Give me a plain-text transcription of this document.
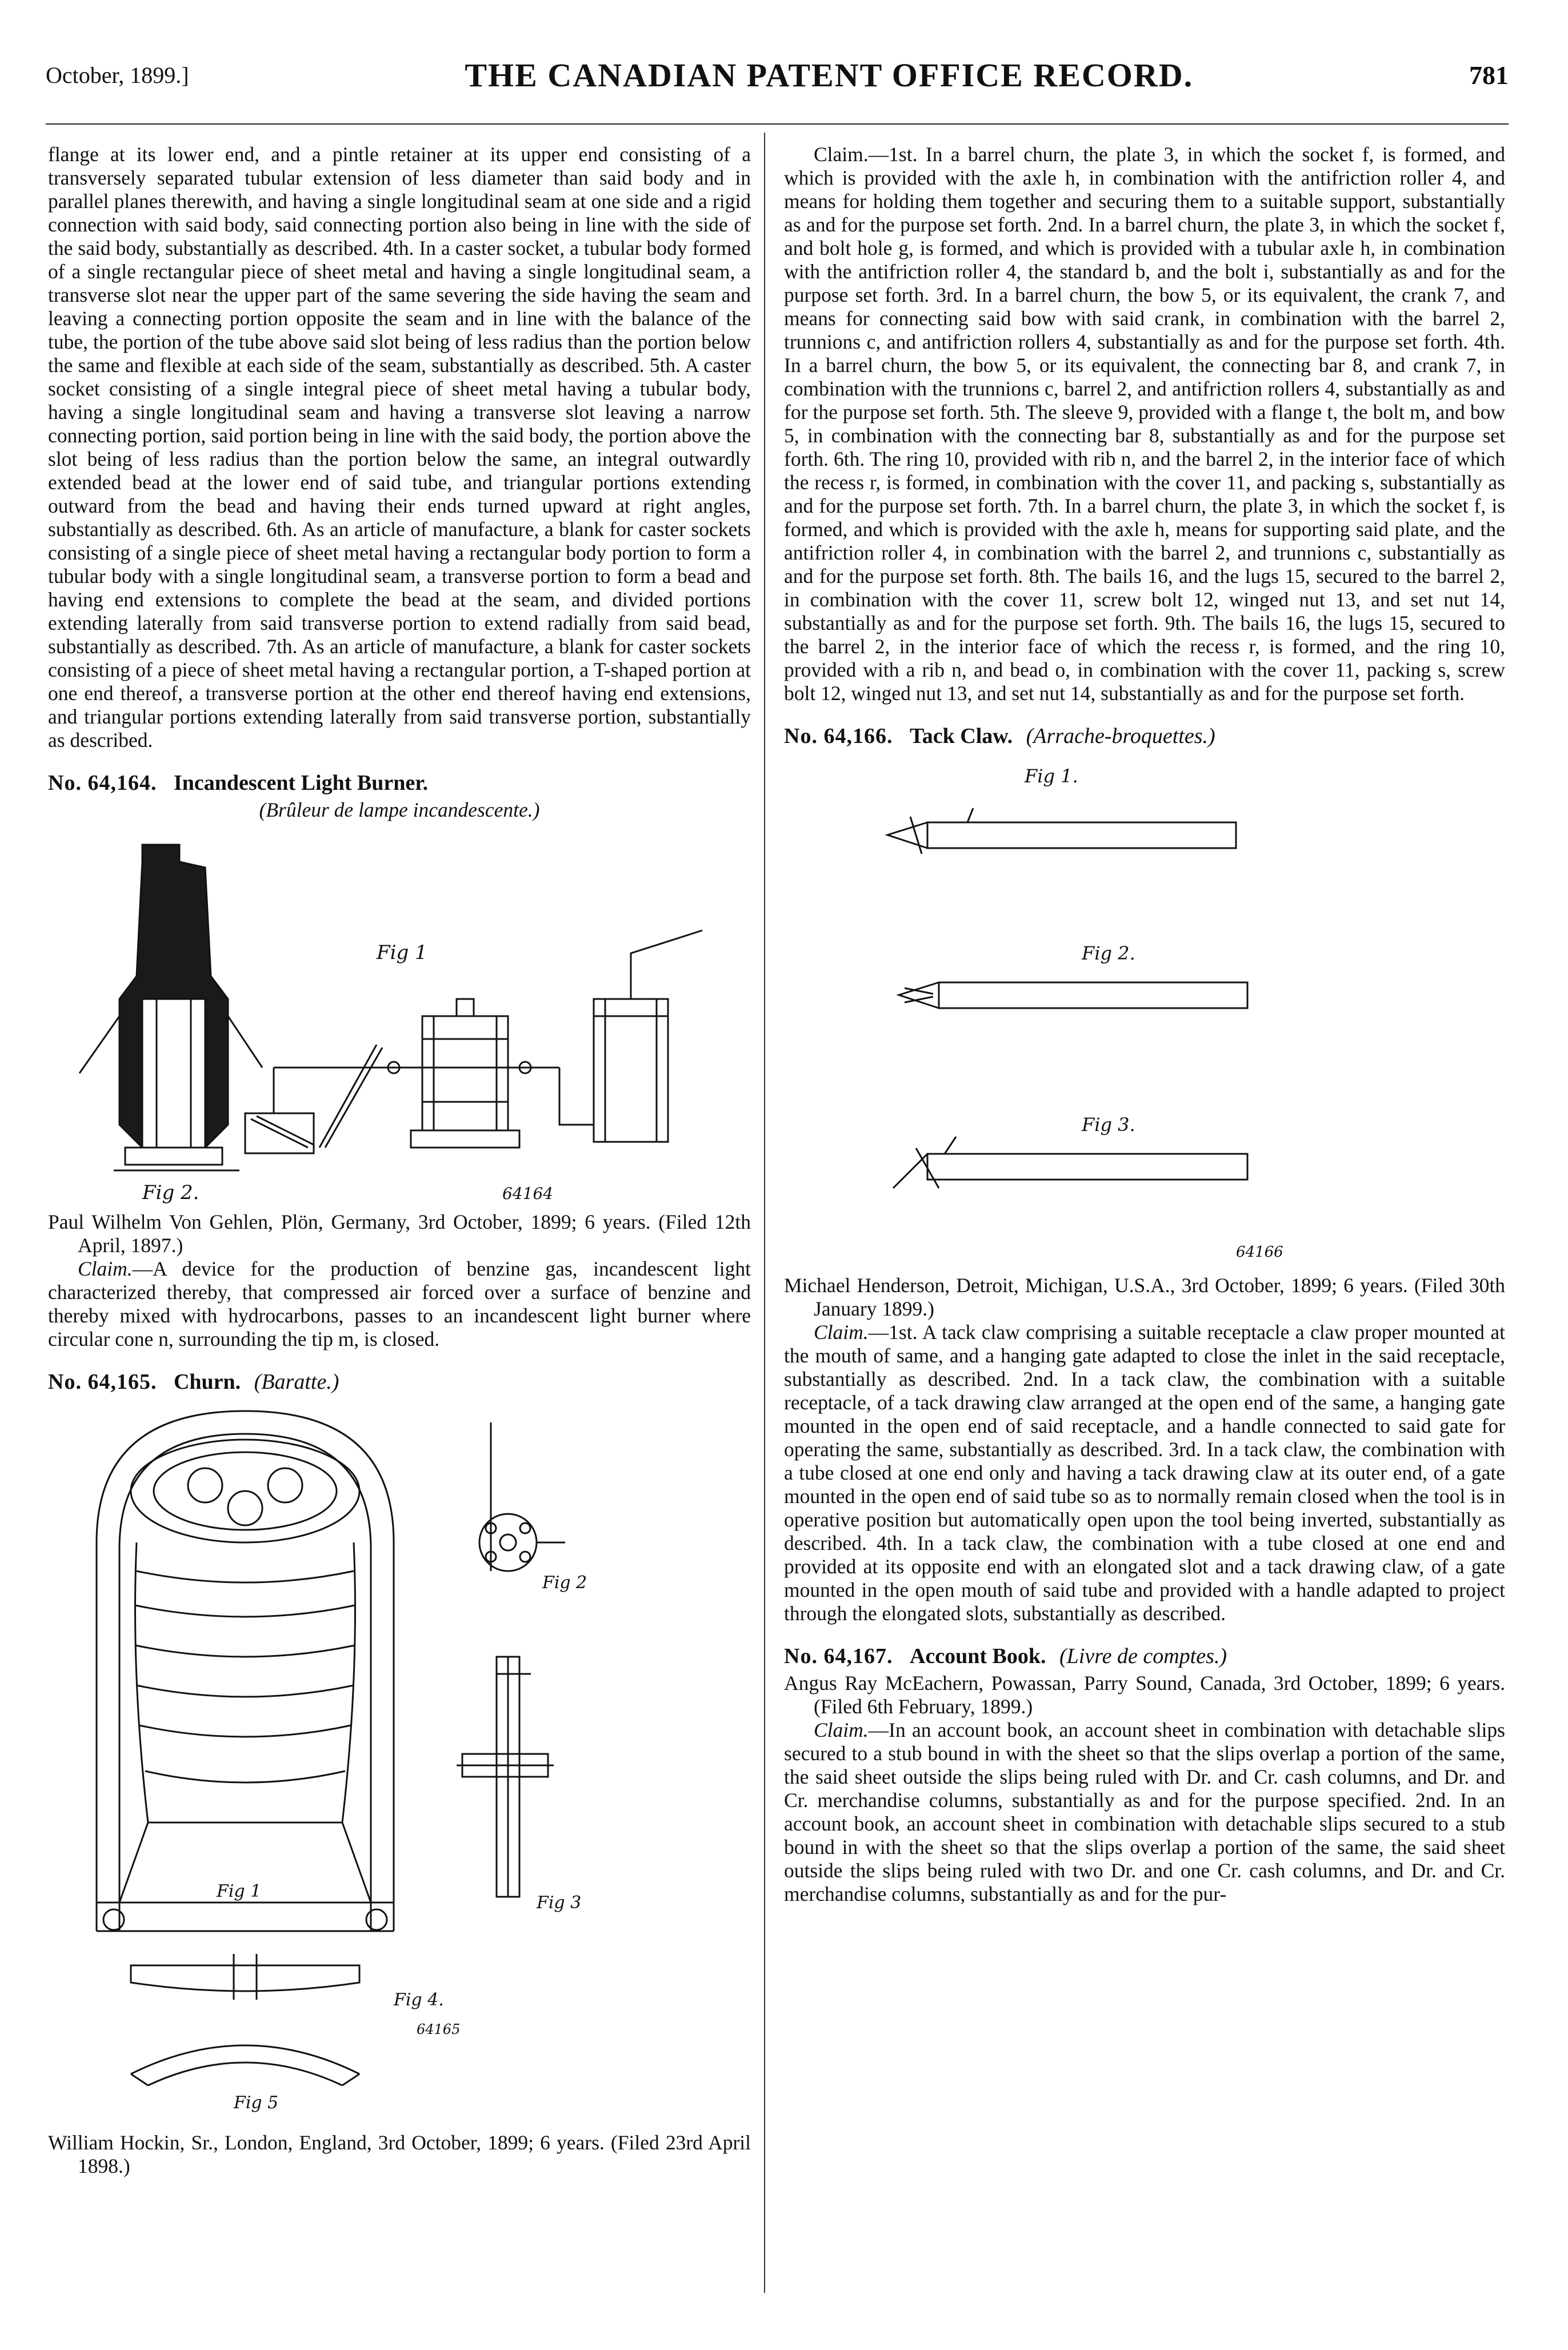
October, 1899.]	THE CANADIAN PATENT OFFICE RECORD.	781

flange at its lower end, and a pintle retainer at its upper end consisting of a transversely separated tubular extension of less diameter than said body and in parallel planes therewith, and having a single longitudinal seam at one side and a rigid connection with said body, said connecting portion also being in line with the side of the said body, substantially as described. 4th. In a caster socket, a tubular body formed of a single rectangular piece of sheet metal and having a single longitudinal seam, a transverse slot near the upper part of the same severing the side having the seam and leaving a connecting portion opposite the seam and in line with the balance of the tube, the portion of the tube above said slot being of less radius than the portion below the same and flexible at each side of the seam, substantially as described. 5th. A caster socket consisting of a single integral piece of sheet metal having a tubular body, having a single longitudinal seam and having a transverse slot leaving a narrow connecting portion, said portion being in line with the said body, the portion above the slot being of less radius than the portion below the same, an integral outwardly extended bead at the lower end of said tube, and triangular portions extending outward from the bead and having their ends turned upward at right angles, substantially as described. 6th. As an article of manufacture, a blank for caster sockets consisting of a single piece of sheet metal having a rectangular body portion to form a tubular body with a single longitudinal seam, a transverse portion to form a bead and having end extensions to complete the bead at the seam, and divided portions extending laterally from said transverse portion to extend radially from said bead, substantially as described. 7th. As an article of manufacture, a blank for caster sockets consisting of a piece of sheet metal having a rectangular portion, a T-shaped portion at one end thereof, a transverse portion at the other end thereof having end extensions, and triangular portions extending laterally from said transverse portion, substantially as described.

No. 64,164. Incandescent Light Burner.
(Brûleur de lampe incandescente.)
Fig 1
Fig 2.	64164

Paul Wilhelm Von Gehlen, Plön, Germany, 3rd October, 1899; 6 years. (Filed 12th April, 1897.)

Claim.—A device for the production of benzine gas, incandescent light characterized thereby, that compressed air forced over a surface of benzine and thereby mixed with hydrocarbons, passes to an incandescent light burner where circular cone n, surrounding the tip m, is closed.

No. 64,165. Churn. (Baratte.)
Fig 1
Fig 2
Fig 3
Fig 4.
Fig 5
64165

William Hockin, Sr., London, England, 3rd October, 1899; 6 years. (Filed 23rd April 1898.)

Claim.—1st. In a barrel churn, the plate 3, in which the socket f, is formed, and which is provided with the axle h, in combination with the antifriction roller 4, and means for holding them together and securing them to a suitable support, substantially as and for the purpose set forth. 2nd. In a barrel churn, the plate 3, in which the socket f, and bolt hole g, is formed, and which is provided with a tubular axle h, in combination with the antifriction roller 4, the standard b, and the bolt i, substantially as and for the purpose set forth. 3rd. In a barrel churn, the bow 5, or its equivalent, the crank 7, and means for connecting said bow with said crank, in combination with the barrel 2, trunnions c, and antifriction rollers 4, substantially as and for the purpose set forth. 4th. In a barrel churn, the bow 5, or its equivalent, the connecting bar 8, and crank 7, in combination with the trunnions c, barrel 2, and antifriction rollers 4, substantially as and for the purpose set forth. 5th. The sleeve 9, provided with a flange t, the bolt m, and bow 5, in combination with the connecting bar 8, substantially as and for the purpose set forth. 6th. The ring 10, provided with rib n, and the barrel 2, in the interior face of which the recess r, is formed, in combination with the cover 11, and packing s, substantially as and for the purpose set forth. 7th. In a barrel churn, the plate 3, in which the socket f, is formed, and which is provided with the axle h, means for supporting said plate, and the antifriction roller 4, in combination with the barrel 2, and trunnions c, substantially as and for the purpose set forth. 8th. The bails 16, and the lugs 15, secured to the barrel 2, in combination with the cover 11, screw bolt 12, winged nut 13, and set nut 14, substantially as and for the purpose set forth. 9th. The bails 16, the lugs 15, secured to the barrel 2, in the interior face of which the recess r, is formed, and the ring 10, provided with a rib n, and bead o, in combination with the cover 11, packing s, screw bolt 12, winged nut 13, and set nut 14, substantially as and for the purpose set forth.

No. 64,166. Tack Claw. (Arrache-broquettes.)
Fig 1.
Fig 2.
Fig 3.
64166

Michael Henderson, Detroit, Michigan, U.S.A., 3rd October, 1899; 6 years. (Filed 30th January 1899.)

Claim.—1st. A tack claw comprising a suitable receptacle a claw proper mounted at the mouth of same, and a hanging gate adapted to close the inlet in the said receptacle, substantially as described. 2nd. In a tack claw, the combination with a suitable receptacle, of a tack drawing claw arranged at the open end of the same, a hanging gate mounted in the open end of said receptacle, and a handle connected to said gate for operating the same, substantially as described. 3rd. In a tack claw, the combination with a tube closed at one end only and having a tack drawing claw at its outer end, of a gate mounted in the open end of said tube so as to normally remain closed when the tool is in operative position but automatically open upon the tool being inverted, substantially as described. 4th. In a tack claw, the combination with a tube closed at one end and provided at its opposite end with an elongated slot and a tack drawing claw, of a gate mounted in the open mouth of said tube and provided with a handle adapted to project through the elongated slots, substantially as described.

No. 64,167. Account Book. (Livre de comptes.)

Angus Ray McEachern, Powassan, Parry Sound, Canada, 3rd October, 1899; 6 years. (Filed 6th February, 1899.)

Claim.—In an account book, an account sheet in combination with detachable slips secured to a stub bound in with the sheet so that the slips overlap a portion of the same, the said sheet outside the slips being ruled with Dr. and Cr. cash columns, and Dr. and Cr. merchandise columns, substantially as and for the purpose specified. 2nd. In an account book, an account sheet in combination with detachable slips secured to a stub bound in with the sheet so that the slips overlap a portion of the same, the said sheet outside the slips being ruled with two Dr. and one Cr. cash columns, and Dr. and Cr. merchandise columns, substantially as and for the pur-
